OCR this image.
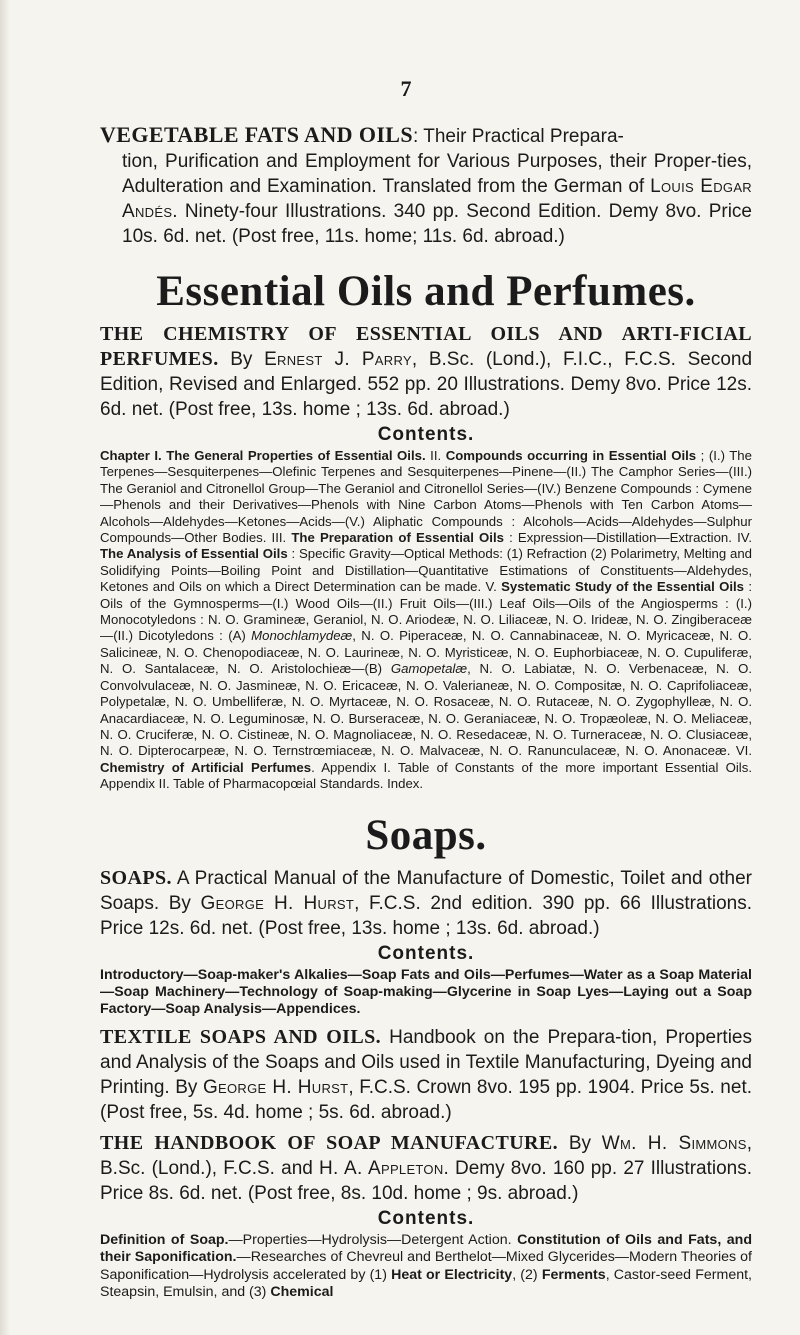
7

VEGETABLE FATS AND OILS: Their Practical Prepara-
tion, Purification and Employment for Various Purposes, their Proper-ties, Adulteration and Examination. Translated from the German of Louis Edgar Andés. Ninety-four Illustrations. 340 pp. Second Edition. Demy 8vo. Price 10s. 6d. net. (Post free, 11s. home; 11s. 6d. abroad.)

Essential Oils and Perfumes.

THE CHEMISTRY OF ESSENTIAL OILS AND ARTI-FICIAL PERFUMES. By Ernest J. Parry, B.Sc. (Lond.), F.I.C., F.C.S. Second Edition, Revised and Enlarged. 552 pp. 20 Illustrations. Demy 8vo. Price 12s. 6d. net. (Post free, 13s. home ; 13s. 6d. abroad.)

Contents.

Chapter I. The General Properties of Essential Oils. II. Compounds occurring in Essential Oils ; (I.) The Terpenes—Sesquiterpenes—Olefinic Terpenes and Sesquiterpenes—Pinene—(II.) The Camphor Series—(III.) The Geraniol and Citronellol Group—The Geraniol and Citronellol Series—(IV.) Benzene Compounds : Cymene—Phenols and their Derivatives—Phenols with Nine Carbon Atoms—Phenols with Ten Carbon Atoms—Alcohols—Aldehydes—Ketones—Acids—(V.) Aliphatic Compounds : Alcohols—Acids—Aldehydes—Sulphur Compounds—Other Bodies. III. The Preparation of Essential Oils : Expression—Distillation—Extraction. IV. The Analysis of Essential Oils : Specific Gravity—Optical Methods: (1) Refraction (2) Polarimetry, Melting and Solidifying Points—Boiling Point and Distillation—Quantitative Estimations of Constituents—Aldehydes, Ketones and Oils on which a Direct Determination can be made. V. Systematic Study of the Essential Oils : Oils of the Gymnosperms—(I.) Wood Oils—(II.) Fruit Oils—(III.) Leaf Oils—Oils of the Angiosperms : (I.) Monocotyledons : N. O. Gramineæ, Geraniol, N. O. Ariodeæ, N. O. Liliaceæ, N. O. Irideæ, N. O. Zingiberaceæ—(II.) Dicotyledons : (A) Monochlamydeæ, N. O. Piperaceæ, N. O. Cannabinaceæ, N. O. Myricaceæ, N. O. Salicineæ, N. O. Chenopodiaceæ, N. O. Laurineæ, N. O. Myristiceæ, N. O. Euphorbiaceæ, N. O. Cupuliferæ, N. O. Santalaceæ, N. O. Aristolochieæ—(B) Gamopetalæ, N. O. Labiatæ, N. O. Verbenaceæ, N. O. Convolvulaceæ, N. O. Jasmineæ, N. O. Ericaceæ, N. O. Valerianeæ, N. O. Compositæ, N. O. Caprifoliaceæ, Polypetalæ, N. O. Umbelliferæ, N. O. Myrtaceæ, N. O. Rosaceæ, N. O. Rutaceæ, N. O. Zygophylleæ, N. O. Anacardiaceæ, N. O. Leguminosæ, N. O. Burseraceæ, N. O. Geraniaceæ, N. O. Tropæoleæ, N. O. Meliaceæ, N. O. Cruciferæ, N. O. Cistineæ, N. O. Magnoliaceæ, N. O. Resedaceæ, N. O. Turneraceæ, N. O. Clusiaceæ, N. O. Dipterocarpeæ, N. O. Ternstrœmiaceæ, N. O. Malvaceæ, N. O. Ranunculaceæ, N. O. Anonaceæ. VI. Chemistry of Artificial Perfumes. Appendix I. Table of Constants of the more important Essential Oils. Appendix II. Table of Pharmacopœial Standards. Index.

Soaps.

SOAPS. A Practical Manual of the Manufacture of Domestic, Toilet and other Soaps. By George H. Hurst, F.C.S. 2nd edition. 390 pp. 66 Illustrations. Price 12s. 6d. net. (Post free, 13s. home ; 13s. 6d. abroad.)

Contents.

Introductory—Soap-maker's Alkalies—Soap Fats and Oils—Perfumes—Water as a Soap Material—Soap Machinery—Technology of Soap-making—Glycerine in Soap Lyes—Laying out a Soap Factory—Soap Analysis—Appendices.

TEXTILE SOAPS AND OILS. Handbook on the Prepara-tion, Properties and Analysis of the Soaps and Oils used in Textile Manufacturing, Dyeing and Printing. By George H. Hurst, F.C.S. Crown 8vo. 195 pp. 1904. Price 5s. net. (Post free, 5s. 4d. home ; 5s. 6d. abroad.)

THE HANDBOOK OF SOAP MANUFACTURE. By Wm. H. Simmons, B.Sc. (Lond.), F.C.S. and H. A. Appleton. Demy 8vo. 160 pp. 27 Illustrations. Price 8s. 6d. net. (Post free, 8s. 10d. home ; 9s. abroad.)

Contents.

Definition of Soap.—Properties—Hydrolysis—Detergent Action. Constitution of Oils and Fats, and their Saponification.—Researches of Chevreul and Berthelot—Mixed Glycerides—Modern Theories of Saponification—Hydrolysis accelerated by (1) Heat or Electricity, (2) Ferments, Castor-seed Ferment, Steapsin, Emulsin, and (3) Chemical
